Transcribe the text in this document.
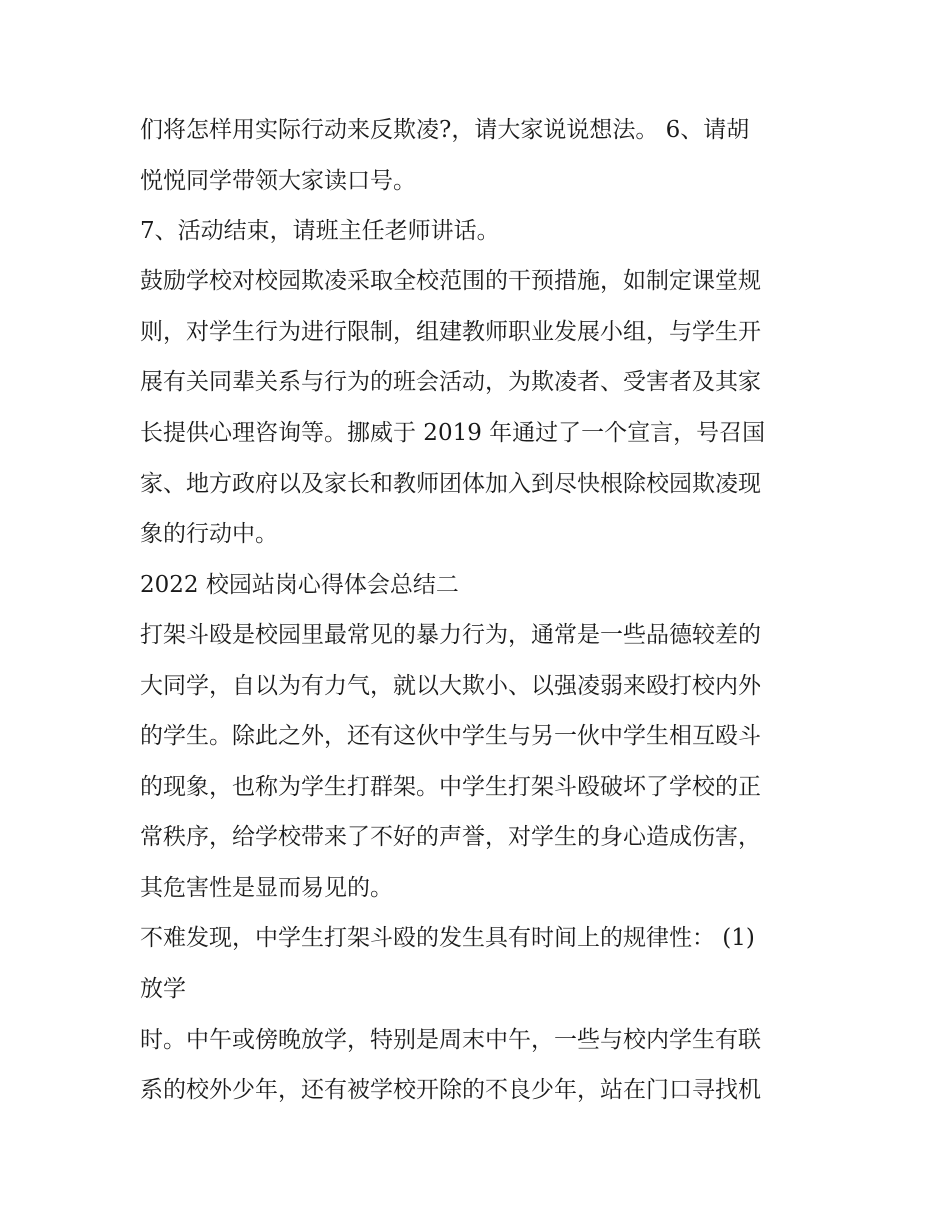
们将怎样用实际行动来反欺凌?，请大家说说想法。 6、请胡
悦悦同学带领大家读口号。
7、活动结束，请班主任老师讲话。
鼓励学校对校园欺凌采取全校范围的干预措施，如制定课堂规
则，对学生行为进行限制，组建教师职业发展小组，与学生开
展有关同辈关系与行为的班会活动，为欺凌者、受害者及其家
长提供心理咨询等。挪威于 2019 年通过了一个宣言，号召国
家、地方政府以及家长和教师团体加入到尽快根除校园欺凌现
象的行动中。
2022 校园站岗心得体会总结二
打架斗殴是校园里最常见的暴力行为，通常是一些品德较差的
大同学，自以为有力气，就以大欺小、以强凌弱来殴打校内外
的学生。除此之外，还有这伙中学生与另一伙中学生相互殴斗
的现象，也称为学生打群架。中学生打架斗殴破坏了学校的正
常秩序，给学校带来了不好的声誉，对学生的身心造成伤害，
其危害性是显而易见的。
不难发现，中学生打架斗殴的发生具有时间上的规律性： (1)
放学
时。中午或傍晚放学，特别是周末中午，一些与校内学生有联
系的校外少年，还有被学校开除的不良少年，站在门口寻找机
